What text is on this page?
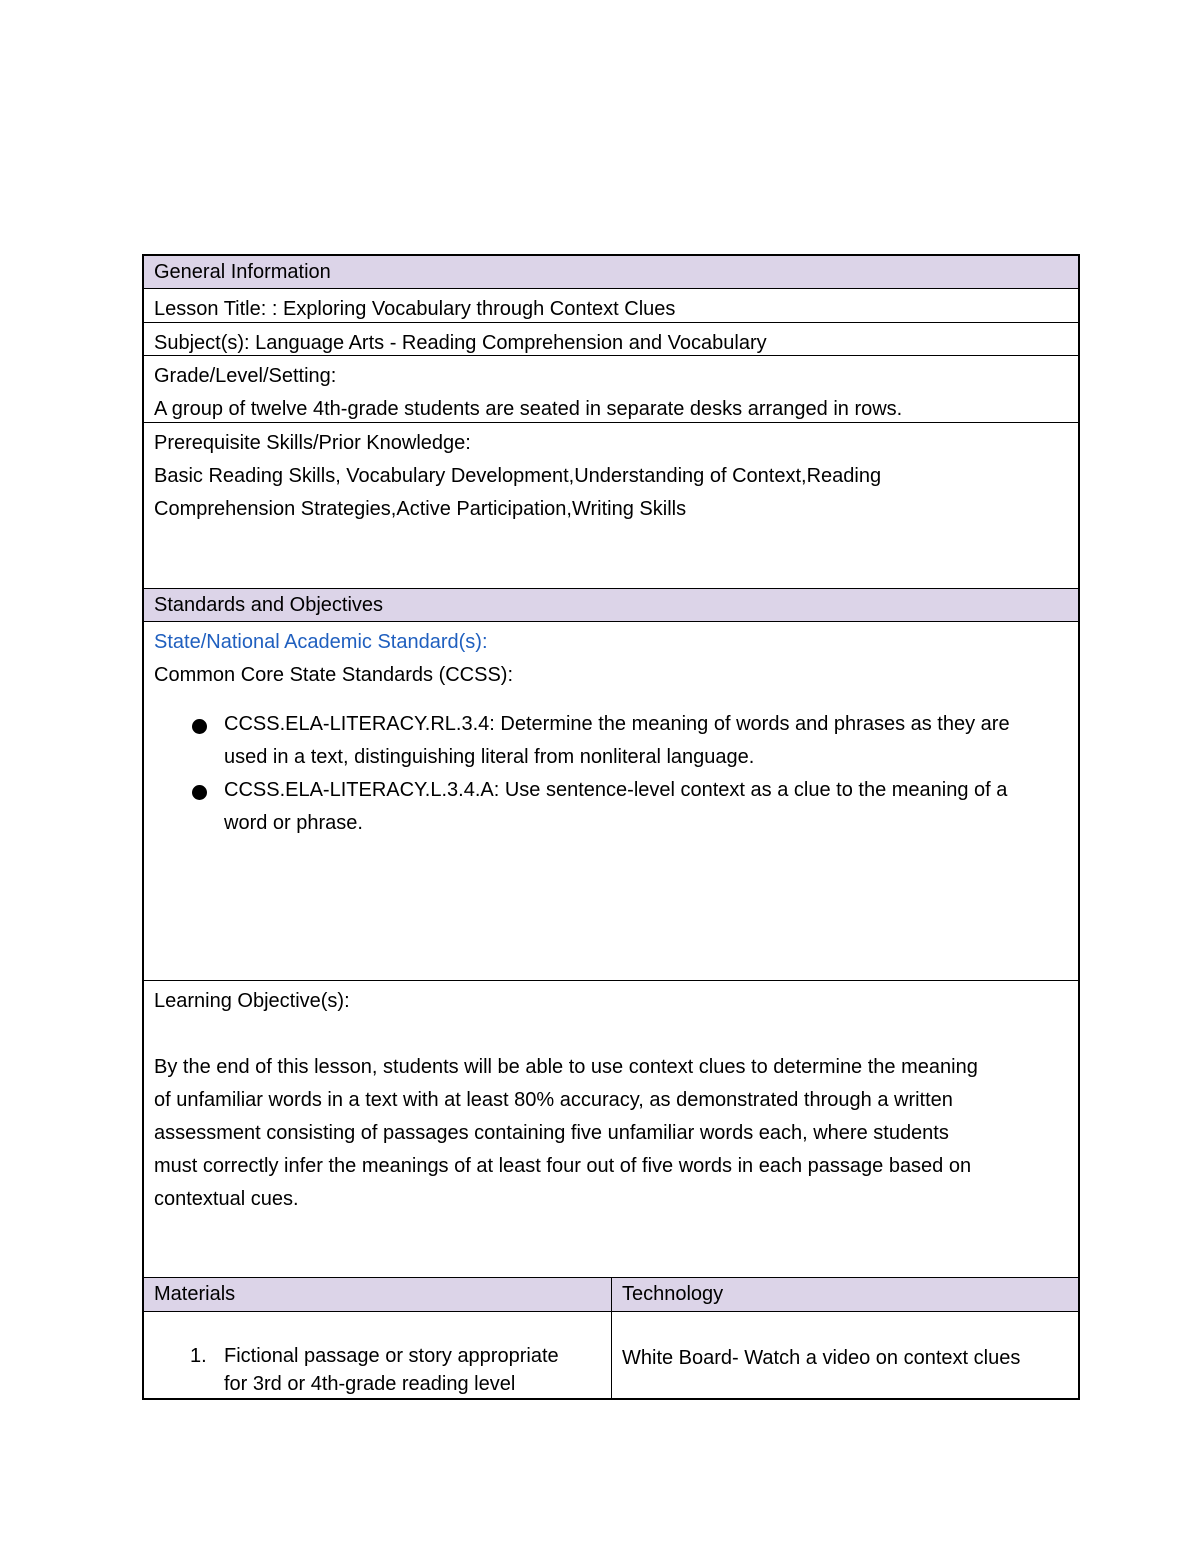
General Information
Lesson Title: : Exploring Vocabulary through Context Clues
Subject(s): Language Arts - Reading Comprehension and Vocabulary
Grade/Level/Setting:
A group of twelve 4th-grade students are seated in separate desks arranged in rows.
Prerequisite Skills/Prior Knowledge:
Basic Reading Skills, Vocabulary Development,Understanding of Context,Reading
Comprehension Strategies,Active Participation,Writing Skills
Standards and Objectives
State/National Academic Standard(s):
Common Core State Standards (CCSS):
CCSS.ELA-LITERACY.RL.3.4: Determine the meaning of words and phrases as they are
used in a text, distinguishing literal from nonliteral language.
CCSS.ELA-LITERACY.L.3.4.A: Use sentence-level context as a clue to the meaning of a
word or phrase.
Learning Objective(s):
By the end of this lesson, students will be able to use context clues to determine the meaning
of unfamiliar words in a text with at least 80% accuracy, as demonstrated through a written
assessment consisting of passages containing five unfamiliar words each, where students
must correctly infer the meanings of at least four out of five words in each passage based on
contextual cues.
Materials	Technology
1. Fictional passage or story appropriate
for 3rd or 4th-grade reading level
White Board- Watch a video on context clues
